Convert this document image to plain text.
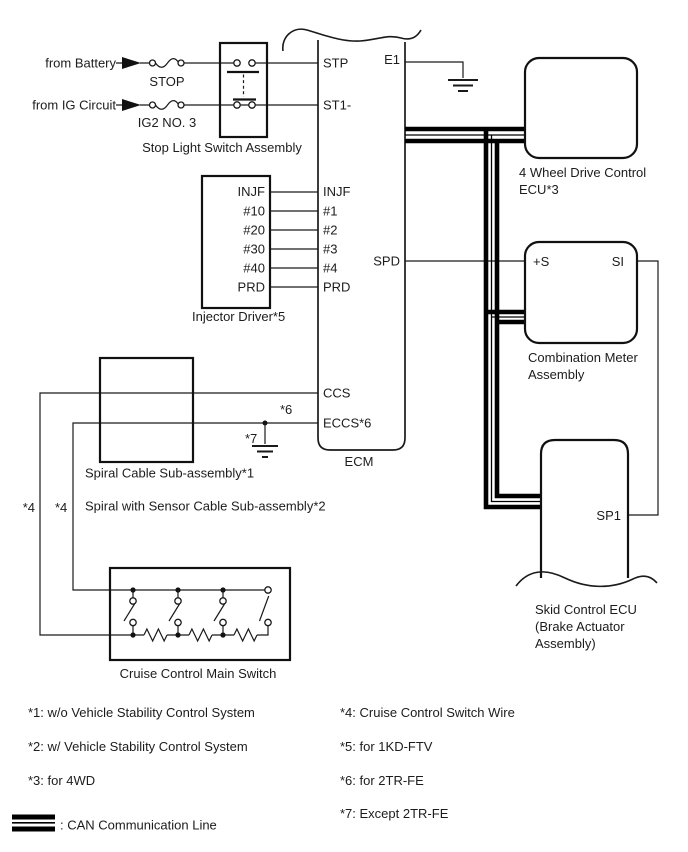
STP
ST1-
INJF
#1
#2
#3
#4
PRD
CCS
ECCS*6
E1
SPD
ECM
from Battery
from IG Circuit
STOP
IG2 NO. 3
Stop Light Switch Assembly
INJF
#10
#20
#30
#40
PRD
Injector Driver*5
4 Wheel Drive Control
ECU*3
+S	SI
Combination Meter
Assembly
SP1
Skid Control ECU
(Brake Actuator
Assembly)
*6
*7
Spiral Cable Sub-assembly*1
Spiral with Sensor Cable Sub-assembly*2
*4 *4
Cruise Control Main Switch
*1: w/o Vehicle Stability Control System
*2: w/ Vehicle Stability Control System
*3: for 4WD
*4: Cruise Control Switch Wire
*5: for 1KD-FTV
*6: for 2TR-FE
*7: Except 2TR-FE
: CAN Communication Line
